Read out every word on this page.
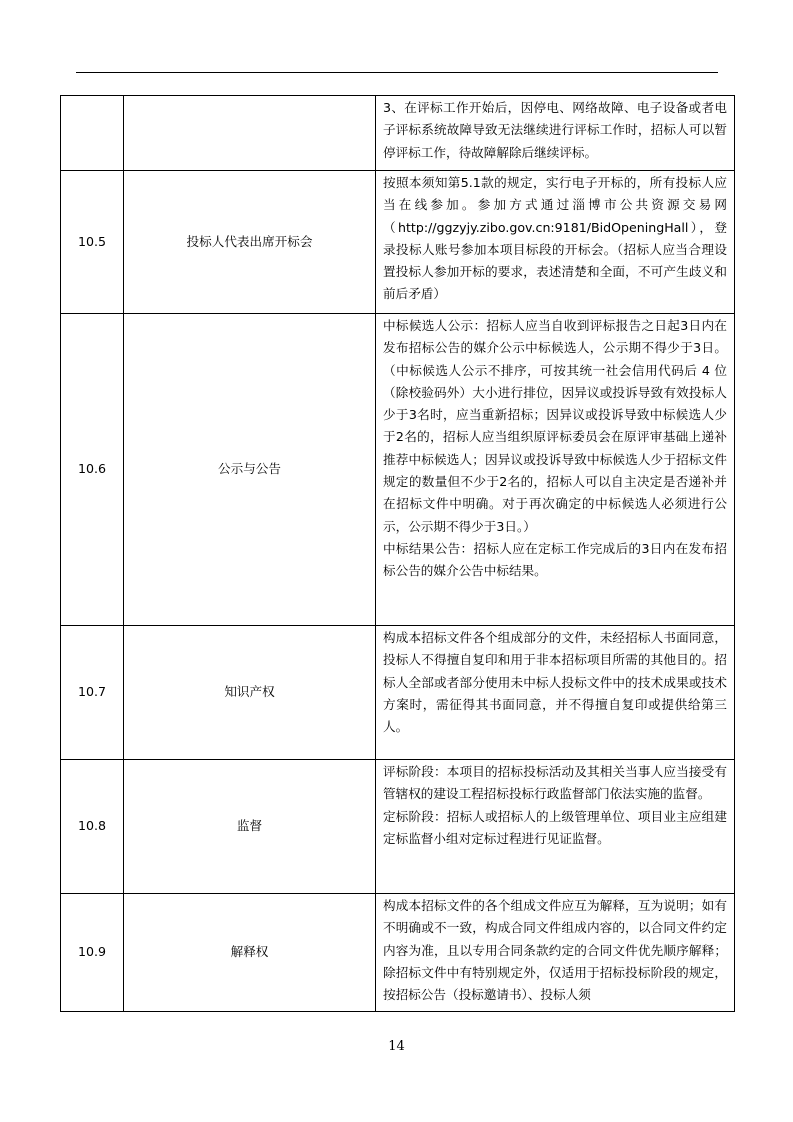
		3、在评标工作开始后，因停电、网络故障、电子设备或者电子评标系统故障导致无法继续进行评标工作时，招标人可以暂停评标工作，待故障解除后继续评标。

10.5	投标人代表出席开标会	按照本须知第5.1款的规定，实行电子开标的，所有投标人应当在线参加。参加方式通过淄博市公共资源交易网（http://ggzyjy.zibo.gov.cn:9181/BidOpeningHall），登录投标人账号参加本项目标段的开标会。（招标人应当合理设置投标人参加开标的要求，表述清楚和全面，不可产生歧义和前后矛盾）

10.6	公示与公告	中标候选人公示：招标人应当自收到评标报告之日起3日内在发布招标公告的媒介公示中标候选人，公示期不得少于3日。（中标候选人公示不排序，可按其统一社会信用代码后 4 位（除校验码外）大小进行排位，因异议或投诉导致有效投标人少于3名时，应当重新招标；因异议或投诉导致中标候选人少于2名的，招标人应当组织原评标委员会在原评审基础上递补推荐中标候选人；因异议或投诉导致中标候选人少于招标文件规定的数量但不少于2名的，招标人可以自主决定是否递补并在招标文件中明确。对于再次确定的中标候选人必须进行公示，公示期不得少于3日。）

中标结果公告：招标人应在定标工作完成后的3日内在发布招标公告的媒介公告中标结果。

10.7	知识产权	构成本招标文件各个组成部分的文件，未经招标人书面同意，投标人不得擅自复印和用于非本招标项目所需的其他目的。招标人全部或者部分使用未中标人投标文件中的技术成果或技术方案时，需征得其书面同意，并不得擅自复印或提供给第三人。

10.8	监督	评标阶段：本项目的招标投标活动及其相关当事人应当接受有管辖权的建设工程招标投标行政监督部门依法实施的监督。

定标阶段：招标人或招标人的上级管理单位、项目业主应组建定标监督小组对定标过程进行见证监督。

10.9	解释权	构成本招标文件的各个组成文件应互为解释，互为说明；如有不明确或不一致，构成合同文件组成内容的，以合同文件约定内容为准，且以专用合同条款约定的合同文件优先顺序解释；除招标文件中有特别规定外，仅适用于招标投标阶段的规定，按招标公告（投标邀请书）、投标人须

14
